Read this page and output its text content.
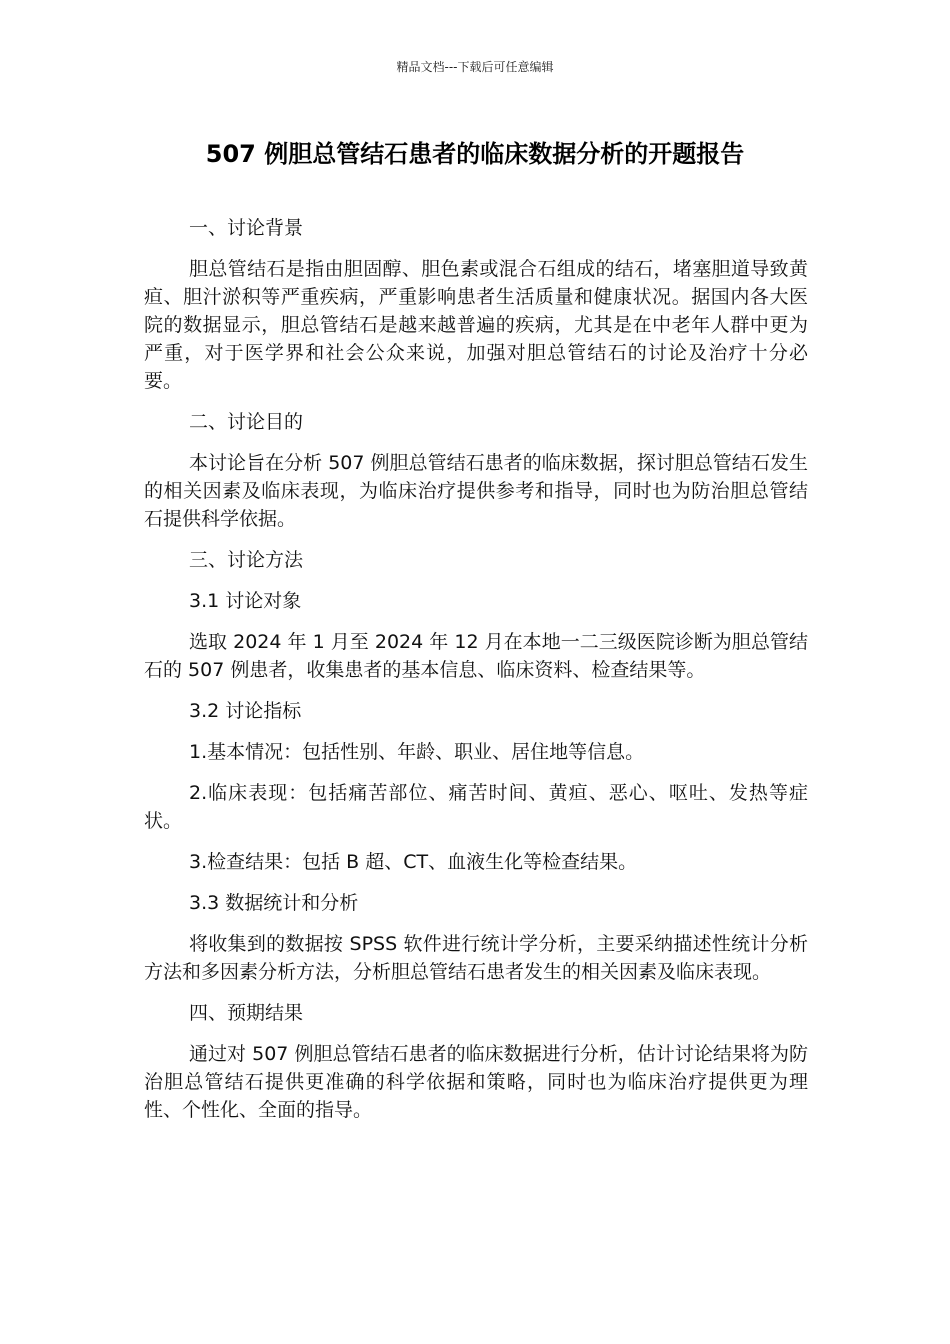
精品文档---下载后可任意编辑
507 例胆总管结石患者的临床数据分析的开题报告

一、讨论背景

胆总管结石是指由胆固醇、胆色素或混合石组成的结石，堵塞胆道导致黄疸、胆汁淤积等严重疾病，严重影响患者生活质量和健康状况。据国内各大医院的数据显示，胆总管结石是越来越普遍的疾病，尤其是在中老年人群中更为严重，对于医学界和社会公众来说，加强对胆总管结石的讨论及治疗十分必要。

二、讨论目的

本讨论旨在分析 507 例胆总管结石患者的临床数据，探讨胆总管结石发生的相关因素及临床表现，为临床治疗提供参考和指导，同时也为防治胆总管结石提供科学依据。

三、讨论方法

3.1 讨论对象

选取 2024 年 1 月至 2024 年 12 月在本地一二三级医院诊断为胆总管结石的 507 例患者，收集患者的基本信息、临床资料、检查结果等。

3.2 讨论指标

1.基本情况：包括性别、年龄、职业、居住地等信息。

2.临床表现：包括痛苦部位、痛苦时间、黄疸、恶心、呕吐、发热等症状。

3.检查结果：包括 B 超、CT、血液生化等检查结果。

3.3 数据统计和分析

将收集到的数据按 SPSS 软件进行统计学分析，主要采纳描述性统计分析方法和多因素分析方法，分析胆总管结石患者发生的相关因素及临床表现。

四、预期结果

通过对 507 例胆总管结石患者的临床数据进行分析，估计讨论结果将为防治胆总管结石提供更准确的科学依据和策略，同时也为临床治疗提供更为理性、个性化、全面的指导。
